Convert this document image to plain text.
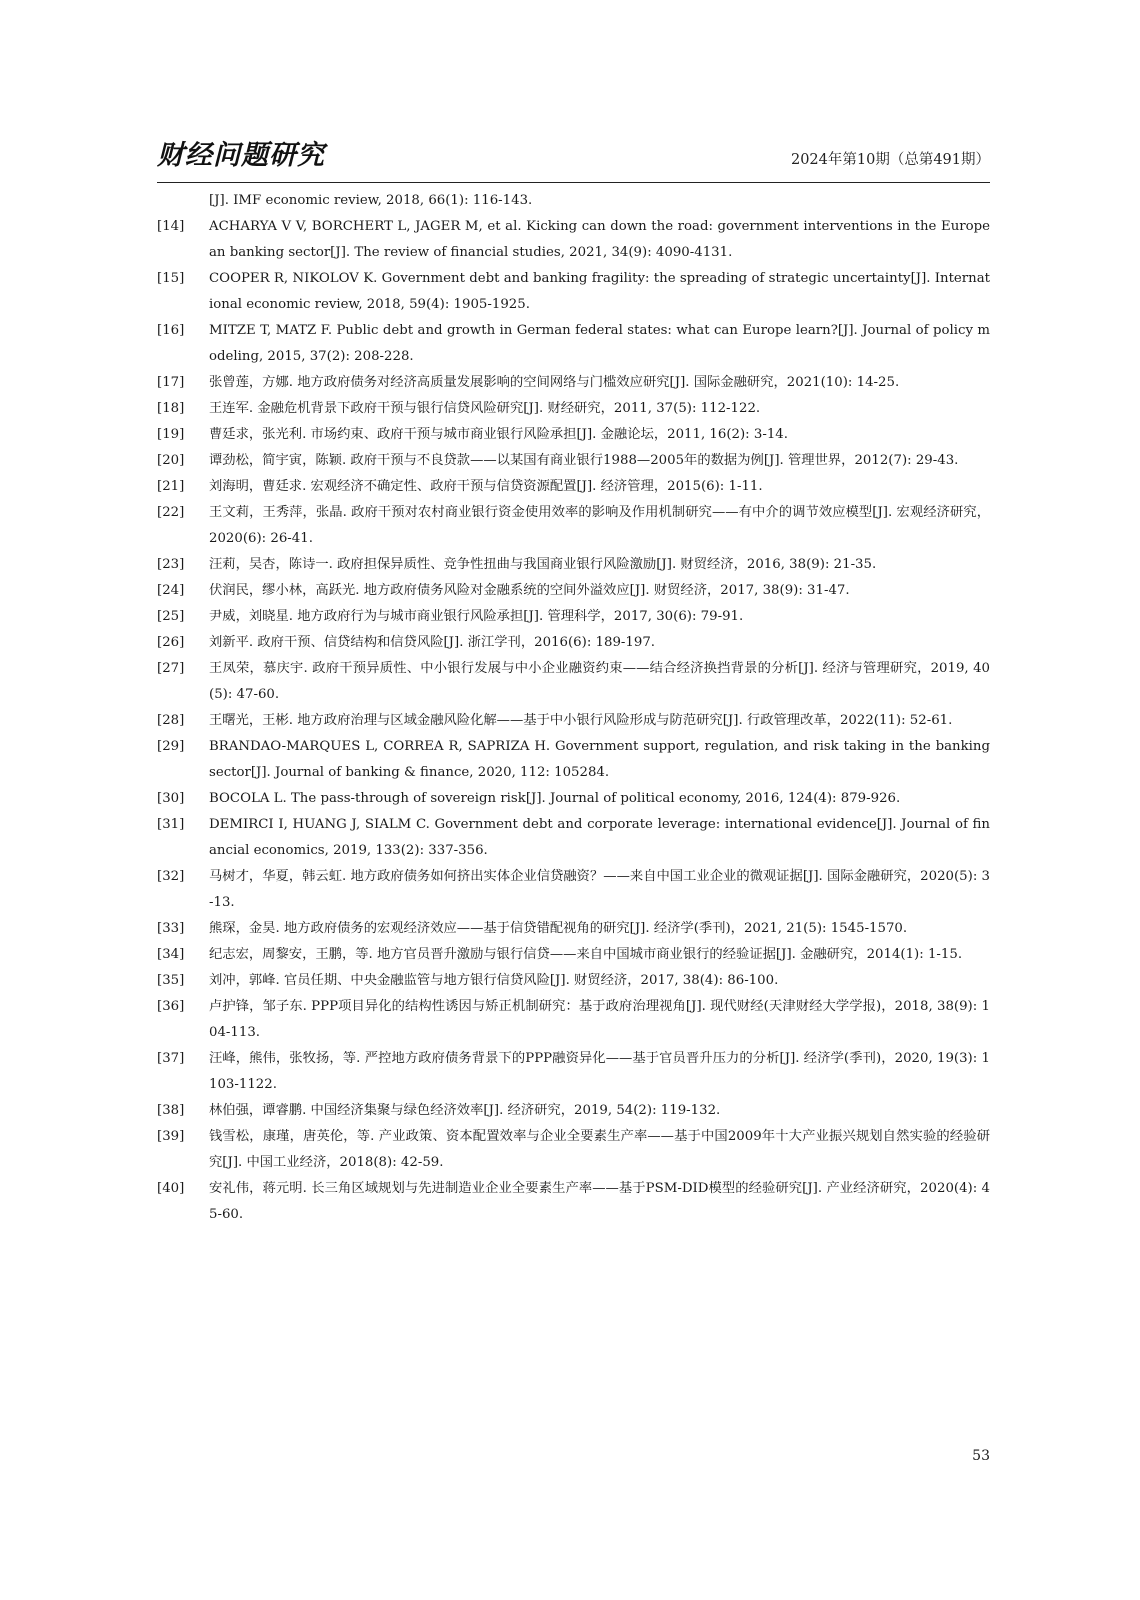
财经问题研究	2024年第10期（总第491期）
[J]. IMF economic review, 2018, 66(1): 116-143.
[14] ACHARYA V V, BORCHERT L, JAGER M, et al. Kicking can down the road: government interventions in the European banking sector[J]. The review of financial studies, 2021, 34(9): 4090-4131.
[15] COOPER R, NIKOLOV K. Government debt and banking fragility: the spreading of strategic uncertainty[J]. International economic review, 2018, 59(4): 1905-1925.
[16] MITZE T, MATZ F. Public debt and growth in German federal states: what can Europe learn?[J]. Journal of policy modeling, 2015, 37(2): 208-228.
[17] 张曾莲，方娜. 地方政府债务对经济高质量发展影响的空间网络与门槛效应研究[J]. 国际金融研究，2021(10): 14-25.
[18] 王连军. 金融危机背景下政府干预与银行信贷风险研究[J]. 财经研究，2011, 37(5): 112-122.
[19] 曹廷求，张光利. 市场约束、政府干预与城市商业银行风险承担[J]. 金融论坛，2011, 16(2): 3-14.
[20] 谭劲松，简宇寅，陈颖. 政府干预与不良贷款——以某国有商业银行1988—2005年的数据为例[J]. 管理世界，2012(7): 29-43.
[21] 刘海明，曹廷求. 宏观经济不确定性、政府干预与信贷资源配置[J]. 经济管理，2015(6): 1-11.
[22] 王文莉，王秀萍，张晶. 政府干预对农村商业银行资金使用效率的影响及作用机制研究——有中介的调节效应模型[J]. 宏观经济研究，2020(6): 26-41.
[23] 汪莉，吴杏，陈诗一. 政府担保异质性、竞争性扭曲与我国商业银行风险激励[J]. 财贸经济，2016, 38(9): 21-35.
[24] 伏润民，缪小林，高跃光. 地方政府债务风险对金融系统的空间外溢效应[J]. 财贸经济，2017, 38(9): 31-47.
[25] 尹威，刘晓星. 地方政府行为与城市商业银行风险承担[J]. 管理科学，2017, 30(6): 79-91.
[26] 刘新平. 政府干预、信贷结构和信贷风险[J]. 浙江学刊，2016(6): 189-197.
[27] 王凤荣，慕庆宇. 政府干预异质性、中小银行发展与中小企业融资约束——结合经济换挡背景的分析[J]. 经济与管理研究，2019, 40(5): 47-60.
[28] 王曙光，王彬. 地方政府治理与区域金融风险化解——基于中小银行风险形成与防范研究[J]. 行政管理改革，2022(11): 52-61.
[29] BRANDAO-MARQUES L, CORREA R, SAPRIZA H. Government support, regulation, and risk taking in the banking sector[J]. Journal of banking & finance, 2020, 112: 105284.
[30] BOCOLA L. The pass-through of sovereign risk[J]. Journal of political economy, 2016, 124(4): 879-926.
[31] DEMIRCI I, HUANG J, SIALM C. Government debt and corporate leverage: international evidence[J]. Journal of financial economics, 2019, 133(2): 337-356.
[32] 马树才，华夏，韩云虹. 地方政府债务如何挤出实体企业信贷融资？——来自中国工业企业的微观证据[J]. 国际金融研究，2020(5): 3-13.
[33] 熊琛，金昊. 地方政府债务的宏观经济效应——基于信贷错配视角的研究[J]. 经济学(季刊)，2021, 21(5): 1545-1570.
[34] 纪志宏，周黎安，王鹏，等. 地方官员晋升激励与银行信贷——来自中国城市商业银行的经验证据[J]. 金融研究，2014(1): 1-15.
[35] 刘冲，郭峰. 官员任期、中央金融监管与地方银行信贷风险[J]. 财贸经济，2017, 38(4): 86-100.
[36] 卢护锋，邹子东. PPP项目异化的结构性诱因与矫正机制研究：基于政府治理视角[J]. 现代财经(天津财经大学学报)，2018, 38(9): 104-113.
[37] 汪峰，熊伟，张牧扬，等. 严控地方政府债务背景下的PPP融资异化——基于官员晋升压力的分析[J]. 经济学(季刊)，2020, 19(3): 1103-1122.
[38] 林伯强，谭睿鹏. 中国经济集聚与绿色经济效率[J]. 经济研究，2019, 54(2): 119-132.
[39] 钱雪松，康瑾，唐英伦，等. 产业政策、资本配置效率与企业全要素生产率——基于中国2009年十大产业振兴规划自然实验的经验研究[J]. 中国工业经济，2018(8): 42-59.
[40] 安礼伟，蒋元明. 长三角区域规划与先进制造业企业全要素生产率——基于PSM-DID模型的经验研究[J]. 产业经济研究，2020(4): 45-60.
53
